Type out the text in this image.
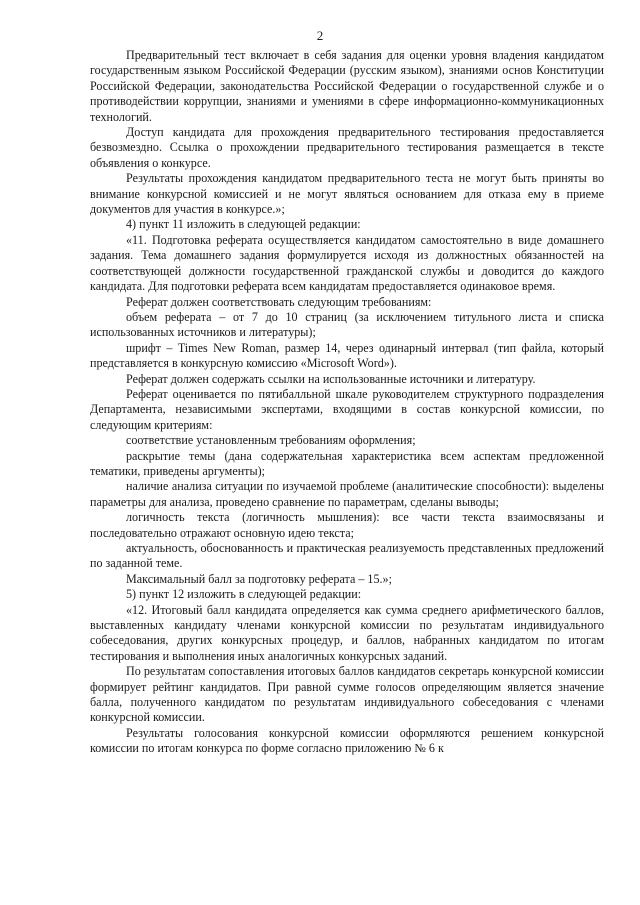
2

Предварительный тест включает в себя задания для оценки уровня владения кандидатом государственным языком Российской Федерации (русским языком), знаниями основ Конституции Российской Федерации, законодательства Российской Федерации о государственной службе и о противодействии коррупции, знаниями и умениями в сфере информационно-коммуникационных технологий.

Доступ кандидата для прохождения предварительного тестирования предоставляется безвозмездно. Ссылка о прохождении предварительного тестирования размещается в тексте объявления о конкурсе.

Результаты прохождения кандидатом предварительного теста не могут быть приняты во внимание конкурсной комиссией и не могут являться основанием для отказа ему в приеме документов для участия в конкурсе.»;

4) пункт 11 изложить в следующей редакции:

«11. Подготовка реферата осуществляется кандидатом самостоятельно в виде домашнего задания. Тема домашнего задания формулируется исходя из должностных обязанностей на соответствующей должности государственной гражданской службы и доводится до каждого кандидата. Для подготовки реферата всем кандидатам предоставляется одинаковое время.

Реферат должен соответствовать следующим требованиям:

объем реферата – от 7 до 10 страниц (за исключением титульного листа и списка использованных источников и литературы);

шрифт – Times New Roman, размер 14, через одинарный интервал (тип файла, который представляется в конкурсную комиссию «Microsoft Word»).

Реферат должен содержать ссылки на использованные источники и литературу.

Реферат оценивается по пятибалльной шкале руководителем структурного подразделения Департамента, независимыми экспертами, входящими в состав конкурсной комиссии, по следующим критериям:

соответствие установленным требованиям оформления;

раскрытие темы (дана содержательная характеристика всем аспектам предложенной тематики, приведены аргументы);

наличие анализа ситуации по изучаемой проблеме (аналитические способности): выделены параметры для анализа, проведено сравнение по параметрам, сделаны выводы;

логичность текста (логичность мышления): все части текста взаимосвязаны и последовательно отражают основную идею текста;

актуальность, обоснованность и практическая реализуемость представленных предложений по заданной теме.

Максимальный балл за подготовку реферата – 15.»;

5) пункт 12 изложить в следующей редакции:

«12. Итоговый балл кандидата определяется как сумма среднего арифметического баллов, выставленных кандидату членами конкурсной комиссии по результатам индивидуального собеседования, других конкурсных процедур, и баллов, набранных кандидатом по итогам тестирования и выполнения иных аналогичных конкурсных заданий.

По результатам сопоставления итоговых баллов кандидатов секретарь конкурсной комиссии формирует рейтинг кандидатов. При равной сумме голосов определяющим является значение балла, полученного кандидатом по результатам индивидуального собеседования с членами конкурсной комиссии.

Результаты голосования конкурсной комиссии оформляются решением конкурсной комиссии по итогам конкурса по форме согласно приложению № 6 к
